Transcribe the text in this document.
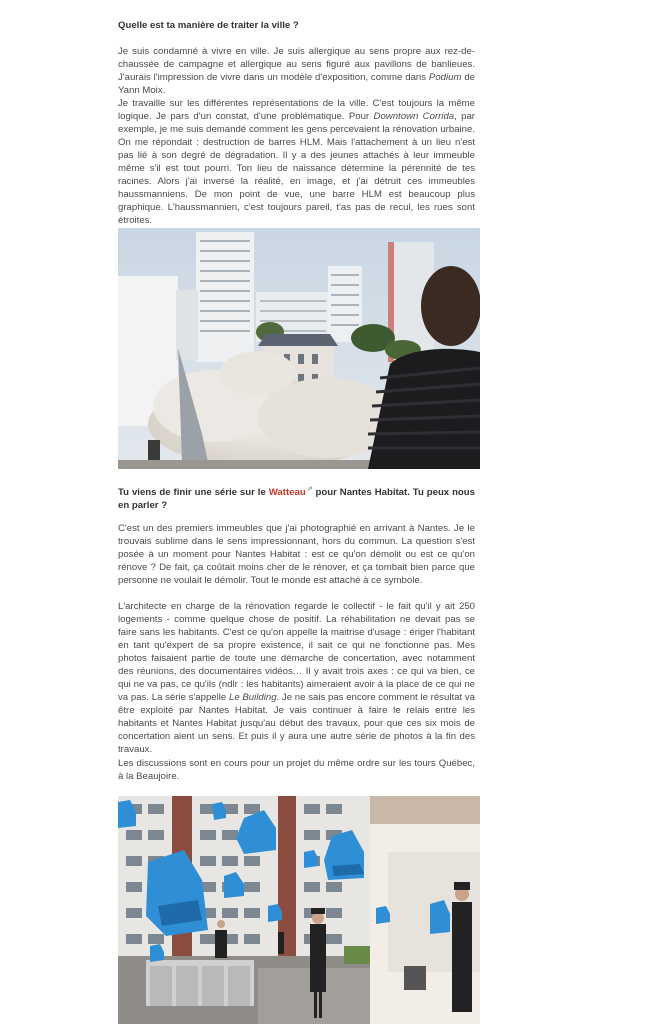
Quelle est ta manière de traiter la ville ?

Je suis condamné à vivre en ville. Je suis allergique au sens propre aux rez-de-chaussée de campagne et allergique au sens figuré aux pavillons de banlieues. J'aurais l'impression de vivre dans un modèle d'exposition, comme dans Podium de Yann Moix.

Je travaille sur les différentes représentations de la ville. C'est toujours la même logique. Je pars d'un constat, d'une problématique. Pour Downtown Corrida, par exemple, je me suis demandé comment les gens percevaient la rénovation urbaine. On me répondait : destruction de barres HLM. Mais l'attachement à un lieu n'est pas lié à son degré de dégradation. Il y a des jeunes attachés à leur immeuble même s'il est tout pourri. Ton lieu de naissance détermine la pérennité de tes racines. Alors j'ai inversé la réalité, en image, et j'ai détruit ces immeubles haussmanniens. De mon point de vue, une barre HLM est beaucoup plus graphique. L'haussmannien, c'est toujours pareil, t'as pas de recul, les rues sont étroites.

Tu viens de finir une série sur le Watteau↗ pour Nantes Habitat. Tu peux nous en parler ?

C'est un des premiers immeubles que j'ai photographié en arrivant à Nantes. Je le trouvais sublime dans le sens impressionnant, hors du commun. La question s'est posée à un moment pour Nantes Habitat : est ce qu'on démolit ou est ce qu'on rénove ? De fait, ça coûtait moins cher de le rénover, et ça tombait bien parce que personne ne voulait le démolir. Tout le monde est attaché à ce symbole.

L'architecte en charge de la rénovation regarde le collectif - le fait qu'il y ait 250 logements - comme quelque chose de positif. La réhabilitation ne devait pas se faire sans les habitants. C'est ce qu'on appelle la maitrise d'usage : ériger l'habitant en tant qu'expert de sa propre existence, il sait ce qui ne fonctionne pas. Mes photos faisaient partie de toute une démarche de concertation, avec notamment des réunions, des documentaires vidéos… Il y avait trois axes : ce qui va bien, ce qui ne va pas, ce qu'ils (ndlr : les habitants) aimeraient avoir à la place de ce qui ne va pas. La série s'appelle Le Building. Je ne sais pas encore comment le résultat va être exploité par Nantes Habitat. Je vais continuer à faire le relais entre les habitants et Nantes Habitat jusqu'au début des travaux, pour que ces six mois de concertation aient un sens. Et puis il y aura une autre série de photos à la fin des travaux.

Les discussions sont en cours pour un projet du même ordre sur les tours Québec, à la Beaujoire.
